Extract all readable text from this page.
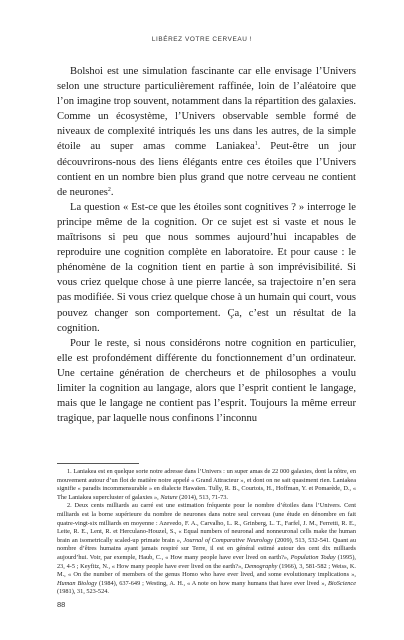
LIBÉREZ VOTRE CERVEAU !

Bolshoi est une simulation fascinante car elle envisage l’Univers selon une structure particulièrement raffinée, loin de l’aléatoire que l’on imagine trop souvent, notamment dans la répartition des galaxies. Comme un écosystème, l’Univers observable semble formé de niveaux de complexité intriqués les uns dans les autres, de la simple étoile au super amas comme Laniakea$^1$. Peut-être un jour découvrirons-nous des liens élégants entre ces étoiles que l’Univers contient en un nombre bien plus grand que notre cerveau ne contient de neurones$^2$.

La question « Est-ce que les étoiles sont cognitives ? » interroge le principe même de la cognition. Or ce sujet est si vaste et nous le maîtrisons si peu que nous sommes aujourd’hui incapables de reproduire une cognition complète en laboratoire. Et pour cause : le phénomène de la cognition tient en partie à son imprévisibilité. Si vous criez quelque chose à une pierre lancée, sa trajectoire n’en sera pas modifiée. Si vous criez quelque chose à un humain qui court, vous pouvez changer son comportement. Ça, c’est un résultat de la cognition.

Pour le reste, si nous considérons notre cognition en particulier, elle est profondément différente du fonctionnement d’un ordinateur. Une certaine génération de chercheurs et de philosophes a voulu limiter la cognition au langage, alors que l’esprit contient le langage, mais que le langage ne contient pas l’esprit. Toujours la même erreur tragique, par laquelle nous confinons l’inconnu

1. Laniakea est en quelque sorte notre adresse dans l’Univers : un super amas de 22 000 galaxies, dont la nôtre, en mouvement autour d’un flot de matière noire appelé « Grand Attracteur », et dont on ne sait quasiment rien. Laniakea signifie « paradis incommensurable » en dialecte Hawaïen. Tully, R. B., Courtois, H., Hoffman, Y. et Pomarède, D., « The Laniakea supercluster of galaxies », Nature (2014), 513, 71-73.

2. Deux cents milliards au carré est une estimation fréquente pour le nombre d’étoiles dans l’Univers. Cent milliards est la borne supérieure du nombre de neurones dans notre seul cerveau (une étude en dénombre en fait quatre-vingt-six milliards en moyenne : Azevedo, F. A., Carvalho, L. R., Grinberg, L. T., Farfel, J. M., Ferretti, R. E., Leite, R. E., Lent, R. et Herculano-Houzel, S., « Equal numbers of neuronal and nonneuronal cells make the human brain an isometrically scaled-up primate brain », Journal of Comparative Neurology (2009), 513, 532-541. Quant au nombre d’êtres humains ayant jamais respiré sur Terre, il est en général estimé autour des cent dix milliards aujourd’hui. Voir, par exemple, Haub, C., « How many people have ever lived on earth?», Population Today (1995), 23, 4-5 ; Keyfitz, N., « How many people have ever lived on the earth?», Demography (1966), 3, 581-582 ; Weiss, K. M., « On the number of members of the genus Homo who have ever lived, and some evolutionary implications », Human Biology (1984), 637-649 ; Westing, A. H., « A note on how many humans that have ever lived », BioScience (1981), 31, 523-524.

88
